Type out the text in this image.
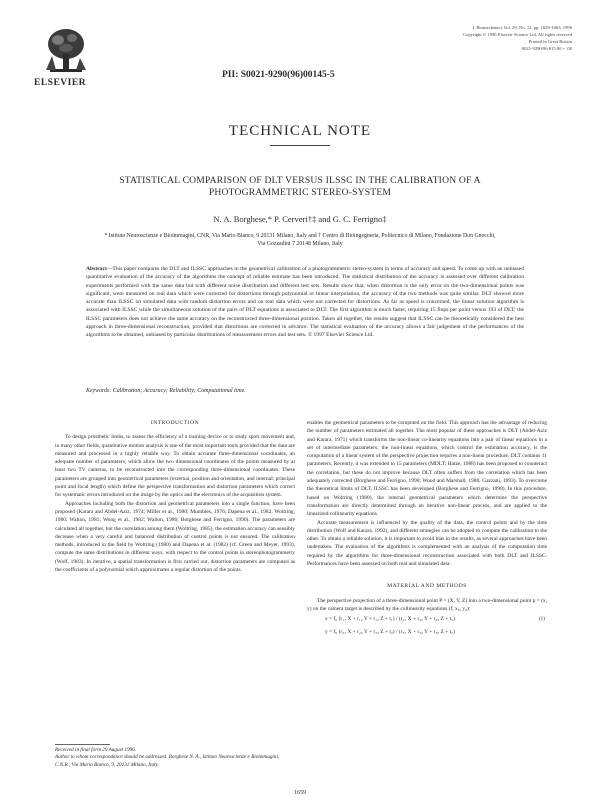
ELSEVIER
J. Biomechanics Vol. 29, No. 12, pp. 1659-1663, 1996
Copyright © 1996 Elsevier Science Ltd. All rights reserved
Printed in Great Britain
0021-9290/96 $15.00 + .00
PII: S0021-9290(96)00145-5
TECHNICAL NOTE
STATISTICAL COMPARISON OF DLT VERSUS ILSSC IN THE CALIBRATION OF A PHOTOGRAMMETRIC STEREO-SYSTEM
N. A. Borghese,* P. Cerveri†‡ and G. C. Ferrigno‡
* Istituto Neuroscienze e Bioimmagini, CNR, Via Mario Bianco, 9 20131 Milano, Italy and † Centro di Bioingegneria, Politecnico di Milano, Fondazione Don Gnocchi, Via Gozzadini 7 20148 Milano, Italy
Abstract—This paper compares the DLT and ILSSC approaches in the geometrical calibration of a photogrammetric stereo-system in terms of accuracy and speed. To come up with an unbiased quantitative evaluation of the accuracy of the algorithms the concept of reliable estimate has been introduced. The statistical distribution of the accuracy is assessed over different calibration experiments performed with the same data but with different noise distribution and different test sets. Results show that, when distortion is the only error on the two-dimensional points was significant, were measured on real data which were corrected for distortions through polynomial or linear interpolation, the accuracy of the two methods was quite similar. DLT showed more accurate than ILSSC on simulated data with random distortion errors and on real data which were not corrected for distortions. As far as speed is concerned, the linear solution algorithm is associated with ILSSC while the simultaneous solution of the pairs of DLT equations is associated to DLT. The first algorithm is much faster, requiring 15 flops per point versus 193 of DLT; the ILSSC parameters does not achieve the same accuracy on the reconstructed three-dimensional position. Taken all together, the results suggest that ILSSC can be theoretically considered the best approach in three-dimensional reconstruction, provided that distortions are corrected in advance. The statistical evaluation of the accuracy allows a fair judgement of the performances of the algorithms to be obtained, unbiased by particular distributions of measurement errors and test sets. © 1997 Elsevier Science Ltd.
Keywords: Calibration; Accuracy; Reliability; Computational time.
INTRODUCTION

To design prosthetic limbs, to assess the efficiency of a training device or to study sport movement and, in many other fields, quantitative motion analysis is one of the most important tools provided that the data are measured and processed in a highly reliable way. To obtain accurate three-dimensional coordinates, an adequate number of parameters, which allow the two dimensional coordinates of the points measured by at least two TV cameras, to be reconstructed into the corresponding three-dimensional coordinates. These parameters are grouped into geometrical parameters (external, position and orientation, and internal: principal point and focal length) which define the perspective transformation and distortion parameters which correct for systematic errors introduced on the image by the optics and the electronics of the acquisition system.

Approaches including both the distortion and geometrical parameters into a single function, have been proposed (Karara and Abdel-Aziz, 1974; Miller et al., 1980; Mumbles, 1976; Dapena et al., 1982; Woltring, 1980; Walton, 1981; Wong et al., 1982; Walton, 1986; Borghese and Ferrigno, 1990). The parameters are calculated all together, but the correlation among them (Woltring, 1985), the estimation accuracy can sensibly decrease when a very careful and balanced distribution of control points is not ensured. The calibration methods, introduced in the field by Woltring (1980) and Dapena et al. (1982) (cf. Green and Meyer, 1993), compute the same distributions in different ways, with respect to the control points in stereophotogrammetry (Wolf, 1983). In iterative, a spatial transformation is first carried out, distortion parameters are computed as the coefficients of a polynomial which approximates a regular distortion of the points.

enables the geometrical parameters to be computed on the field. This approach has the advantage of reducing the number of parameters estimated all together. The most popular of these approaches is DLT (Abdel-Aziz and Karara, 1971) which transforms the non-linear co-linearity equations into a pair of linear equations in a set of intermediate parameters: the non-linear equations, which control the estimation accuracy, is the computation of a linear system of the perspective projection requires a non-linear procedure. DLT contains 11 parameters. Recently, it was extended to 15 parameters (MDLT; Hatze, 1988) has been proposed to counteract the correlation, but these do not improve because DLT often suffers from the correlation which has been adequately corrected (Borghese and Ferrigno, 1990; Wood and Marshall, 1986; Gazzani, 1993). To overcome the theoretical limits of DLT, ILSSC has been developed (Borghese and Ferrigno, 1990). In this procedure, based on Woltring (1980), the internal geometrical parameters which determine the perspective transformation are directly determined through an iterative non-linear process, and are applied to the linearized collinearity equations.

Accurate measurement is influenced by the quality of the data, the control points and by the time distribution (Wolf and Karara, 1992), and different strategies can be adopted to compute the calibration to the other. To obtain a reliable solution, it is important to avoid bias in the results, as several approaches have been undertaken. The evaluation of the algorithms is complemented with an analysis of the computation time required by the algorithms for three-dimensional reconstruction associated with both DLT and ILSSC. Performances have been assessed on both real and simulated data.

MATERIAL AND METHODS

The perspective projection of a three-dimensional point P = (X, Y, Z) into a two-dimensional point p = (x, y) on the camera target is described by the collinearity equations (f, x₀, y₀):

x = f₀ (r₁₁ X + r₁₂ Y + r₁₃ Z + t₁) / (r₃₁ X + r₃₂ Y + r₃₃ Z + t₃)	(1)
y = f₀ (r₂₁ X + r₂₂ Y + r₂₃ Z + t₂) / (r₃₁ X + r₃₂ Y + r₃₃ Z + t₃)
Received in final form 29 August 1996.
Author to whom correspondence should be addressed. Borghese N. A., Istituto Neuroscienze e Bioimmagini, C.N.R., Via Mario Bianco, 9, 20131 Milano, Italy.
1659
